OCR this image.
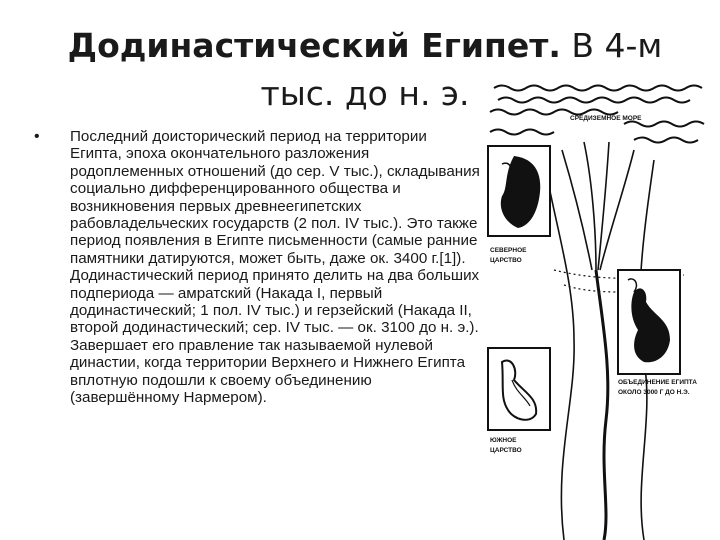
Додинастический Египет. В 4-м тыс. до н. э.
• Последний доисторический период на территории Египта, эпоха окончательного разложения родоплеменных отношений (до сер. V тыс.), складывания социально дифференцированного общества и возникновения первых древнеегипетских рабовладельческих государств (2 пол. IV тыс.). Это также период появления в Египте письменности (самые ранние памятники датируются, может быть, даже ок. 3400 г.[1]). Додинастический период принято делить на два больших подпериода — амратский (Накада I, первый додинастический; 1 пол. IV тыс.) и герзейский (Накада II, второй додинастический; сер. IV тыс. — ок. 3100 до н. э.). Завершает его правление так называемой нулевой династии, когда территории Верхнего и Нижнего Египта вплотную подошли к своему объединению (завершённому Нармером).
СРЕДИЗЕМНОЕ МОРЕ
СЕВЕРНОЕ
ЦАРСТВО
ОБЪЕДИНЕНИЕ ЕГИПТА
ОКОЛО 3000 Г ДО Н.Э.
ЮЖНОЕ
ЦАРСТВО
